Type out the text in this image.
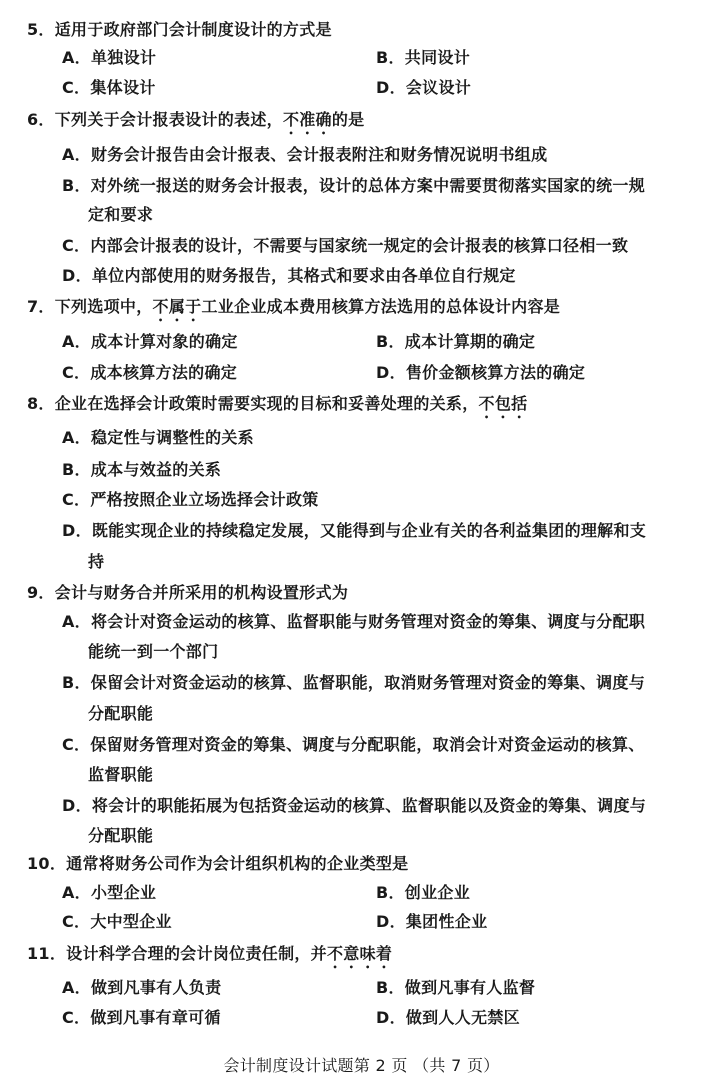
5．适用于政府部门会计制度设计的方式是
A．单独设计	B．共同设计
C．集体设计	D．会议设计
6．下列关于会计报表设计的表述，不准确的是
A．财务会计报告由会计报表、会计报表附注和财务情况说明书组成
B．对外统一报送的财务会计报表，设计的总体方案中需要贯彻落实国家的统一规
定和要求
C．内部会计报表的设计，不需要与国家统一规定的会计报表的核算口径相一致
D．单位内部使用的财务报告，其格式和要求由各单位自行规定
7．下列选项中，不属于工业企业成本费用核算方法选用的总体设计内容是
A．成本计算对象的确定	B．成本计算期的确定
C．成本核算方法的确定	D．售价金额核算方法的确定
8．企业在选择会计政策时需要实现的目标和妥善处理的关系，不包括
A．稳定性与调整性的关系
B．成本与效益的关系
C．严格按照企业立场选择会计政策
D．既能实现企业的持续稳定发展，又能得到与企业有关的各利益集团的理解和支
持
9．会计与财务合并所采用的机构设置形式为
A．将会计对资金运动的核算、监督职能与财务管理对资金的筹集、调度与分配职
能统一到一个部门
B．保留会计对资金运动的核算、监督职能，取消财务管理对资金的筹集、调度与
分配职能
C．保留财务管理对资金的筹集、调度与分配职能，取消会计对资金运动的核算、
监督职能
D．将会计的职能拓展为包括资金运动的核算、监督职能以及资金的筹集、调度与
分配职能
10．通常将财务公司作为会计组织机构的企业类型是
A．小型企业	B．创业企业
C．大中型企业	D．集团性企业
11．设计科学合理的会计岗位责任制，并不意味着
A．做到凡事有人负责	B．做到凡事有人监督
C．做到凡事有章可循	D．做到人人无禁区
会计制度设计试题第 2 页 （共 7 页）
